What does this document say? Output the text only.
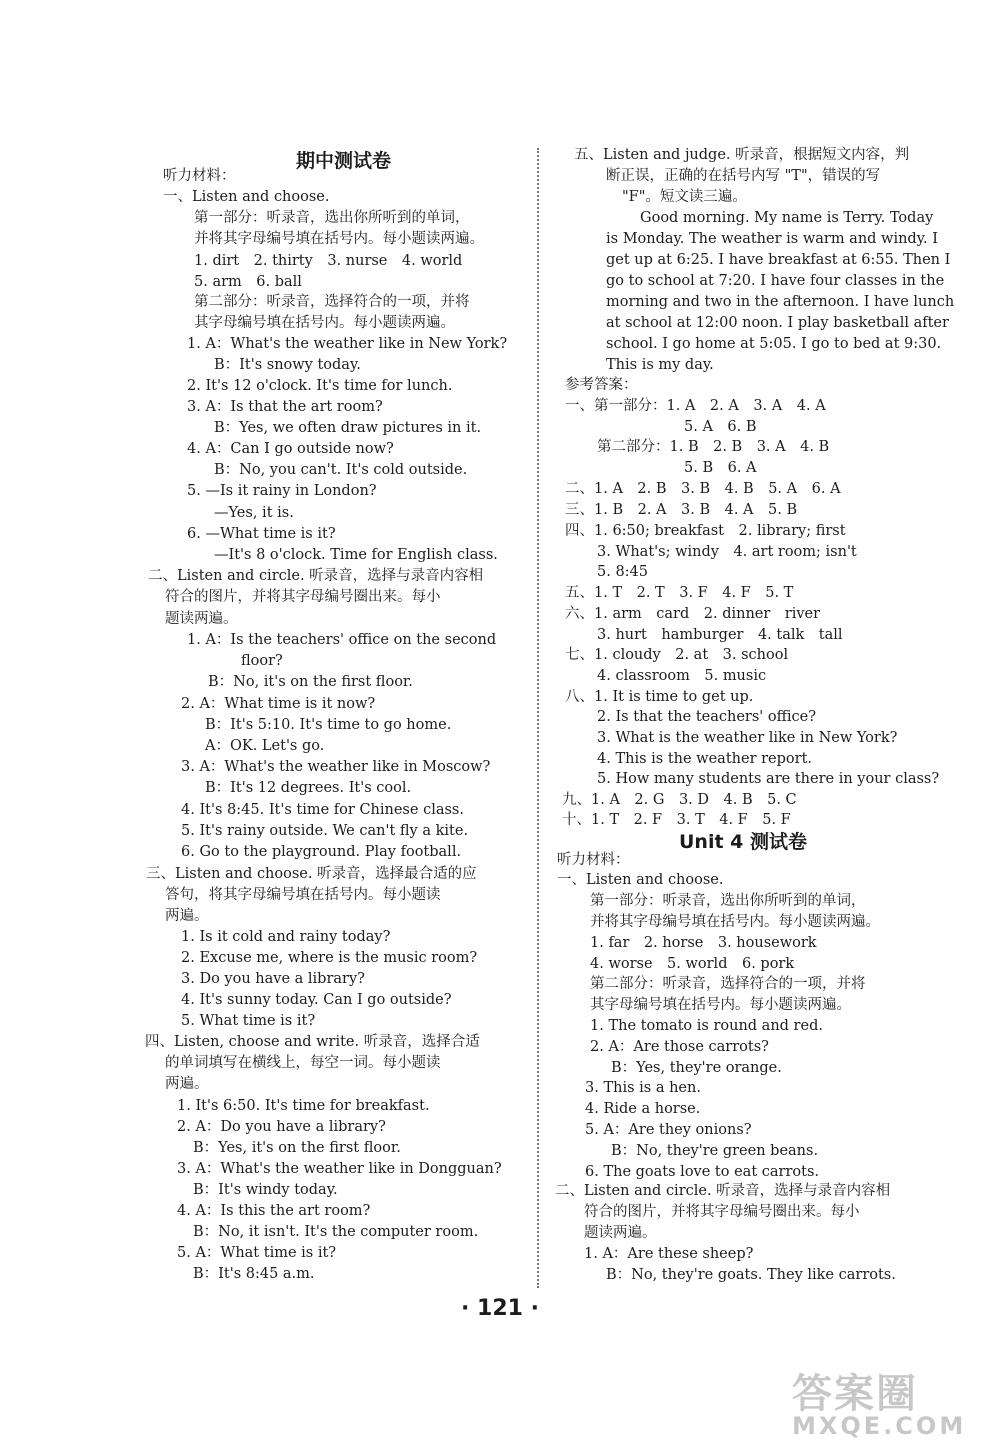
期中测试卷
听力材料：
一、Listen and choose.
第一部分：听录音，选出你所听到的单词，
并将其字母编号填在括号内。每小题读两遍。
1. dirt　2. thirty　3. nurse　4. world
5. arm　6. ball
第二部分：听录音，选择符合的一项，并将
其字母编号填在括号内。每小题读两遍。
1. A：What's the weather like in New York?
B：It's snowy today.
2. It's 12 o'clock. It's time for lunch.
3. A：Is that the art room?
B：Yes, we often draw pictures in it.
4. A：Can I go outside now?
B：No, you can't. It's cold outside.
5. —Is it rainy in London?
—Yes, it is.
6. —What time is it?
—It's 8 o'clock. Time for English class.
二、Listen and circle. 听录音，选择与录音内容相
符合的图片，并将其字母编号圈出来。每小
题读两遍。
1. A：Is the teachers' office on the second
floor?
B：No, it's on the first floor.
2. A：What time is it now?
B：It's 5:10. It's time to go home.
A：OK. Let's go.
3. A：What's the weather like in Moscow?
B：It's 12 degrees. It's cool.
4. It's 8:45. It's time for Chinese class.
5. It's rainy outside. We can't fly a kite.
6. Go to the playground. Play football.
三、Listen and choose. 听录音，选择最合适的应
答句，将其字母编号填在括号内。每小题读
两遍。
1. Is it cold and rainy today?
2. Excuse me, where is the music room?
3. Do you have a library?
4. It's sunny today. Can I go outside?
5. What time is it?
四、Listen, choose and write. 听录音，选择合适
的单词填写在横线上，每空一词。每小题读
两遍。
1. It's 6:50. It's time for breakfast.
2. A：Do you have a library?
B：Yes, it's on the first floor.
3. A：What's the weather like in Dongguan?
B：It's windy today.
4. A：Is this the art room?
B：No, it isn't. It's the computer room.
5. A：What time is it?
B：It's 8:45 a.m.
五、Listen and judge. 听录音，根据短文内容，判
断正误，正确的在括号内写 "T"，错误的写
"F"。短文读三遍。
Good morning. My name is Terry. Today
is Monday. The weather is warm and windy. I
get up at 6:25. I have breakfast at 6:55. Then I
go to school at 7:20. I have four classes in the
morning and two in the afternoon. I have lunch
at school at 12:00 noon. I play basketball after
school. I go home at 5:05. I go to bed at 9:30.
This is my day.
参考答案：
一、第一部分：1. A　2. A　3. A　4. A
5. A　6. B
第二部分：1. B　2. B　3. A　4. B
5. B　6. A
二、1. A　2. B　3. B　4. B　5. A　6. A
三、1. B　2. A　3. B　4. A　5. B
四、1. 6:50; breakfast　2. library; first
3. What's; windy　4. art room; isn't
5. 8:45
五、1. T　2. T　3. F　4. F　5. T
六、1. arm　card　2. dinner　river
3. hurt　hamburger　4. talk　tall
七、1. cloudy　2. at　3. school
4. classroom　5. music
八、1. It is time to get up.
2. Is that the teachers' office?
3. What is the weather like in New York?
4. This is the weather report.
5. How many students are there in your class?
九、1. A　2. G　3. D　4. B　5. C
十、1. T　2. F　3. T　4. F　5. F
听力材料：
一、Listen and choose.
第一部分：听录音，选出你所听到的单词，
并将其字母编号填在括号内。每小题读两遍。
1. far　2. horse　3. housework
4. worse　5. world　6. pork
第二部分：听录音，选择符合的一项，并将
其字母编号填在括号内。每小题读两遍。
1. The tomato is round and red.
2. A：Are those carrots?
B：Yes, they're orange.
3. This is a hen.
4. Ride a horse.
5. A：Are they onions?
B：No, they're green beans.
6. The goats love to eat carrots.
二、Listen and circle. 听录音，选择与录音内容相
符合的图片，并将其字母编号圈出来。每小
题读两遍。
1. A：Are these sheep?
B：No, they're goats. They like carrots.
Unit 4 测试卷
· 121 ·
答案圈
MXQE.COM
